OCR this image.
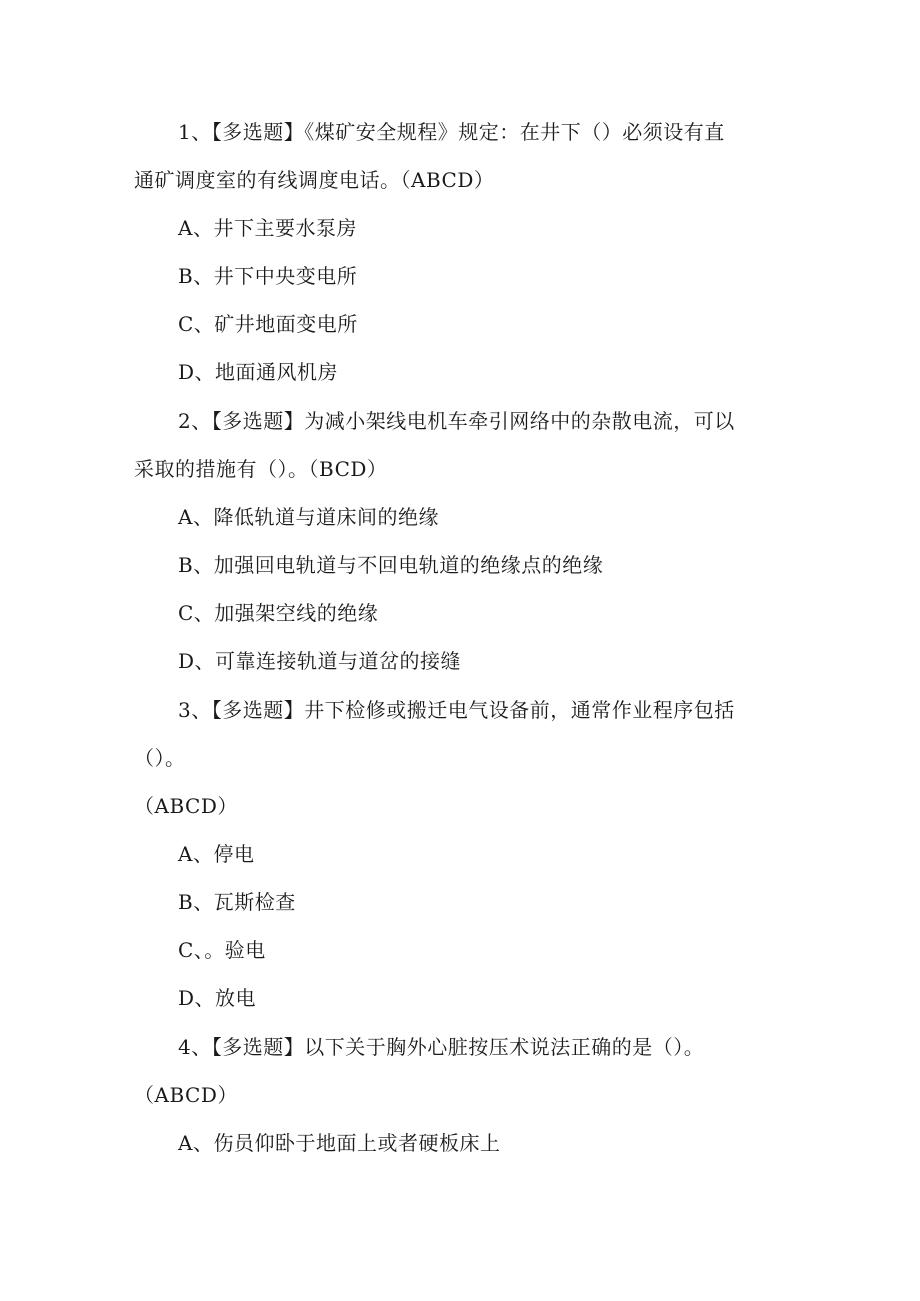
1、【多选题】《煤矿安全规程》规定：在井下（）必须设有直
通矿调度室的有线调度电话。（ABCD）
A、井下主要水泵房
B、井下中央变电所
C、矿井地面变电所
D、地面通风机房
2、【多选题】为减小架线电机车牵引网络中的杂散电流，可以
采取的措施有（）。（BCD）
A、降低轨道与道床间的绝缘
B、加强回电轨道与不回电轨道的绝缘点的绝缘
C、加强架空线的绝缘
D、可靠连接轨道与道岔的接缝
3、【多选题】井下检修或搬迁电气设备前，通常作业程序包括
（）。
（ABCD）
A、停电
B、瓦斯检查
C、。验电
D、放电
4、【多选题】以下关于胸外心脏按压术说法正确的是（）。
（ABCD）
A、伤员仰卧于地面上或者硬板床上
